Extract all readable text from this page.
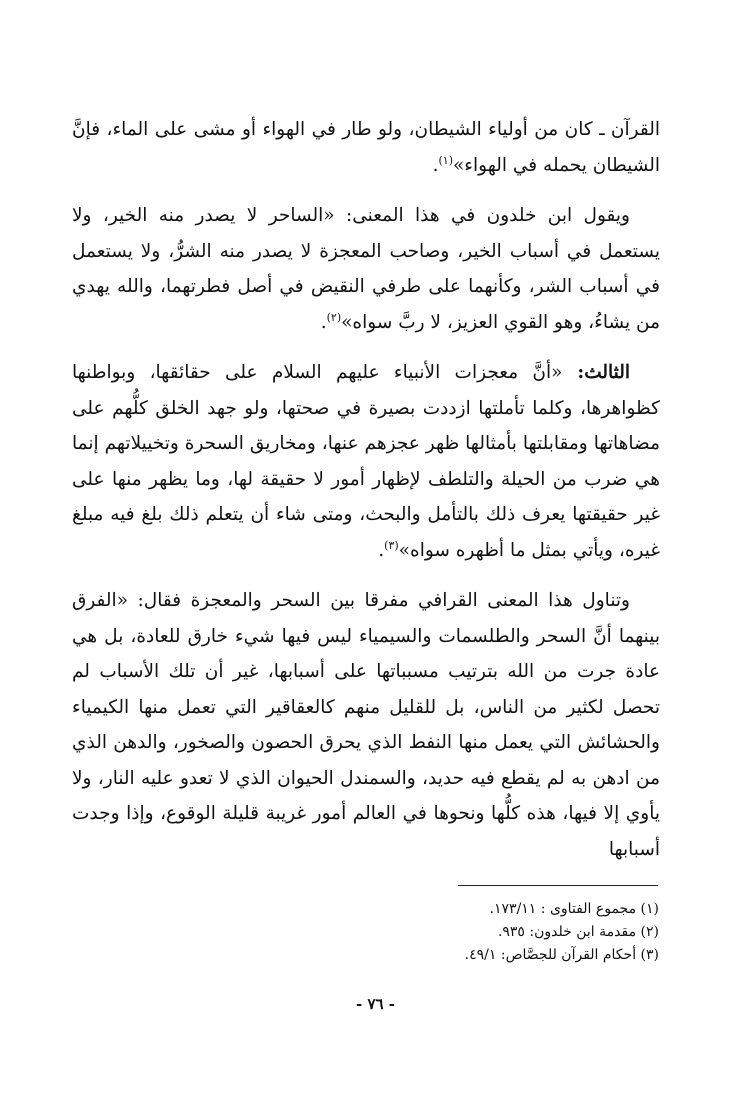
القرآن ـ كان من أولياء الشيطان، ولو طار في الهواء أو مشى على الماء، فإنَّ الشيطان يحمله في الهواء»$^{(١)}$.

ويقول ابن خلدون في هذا المعنى: «الساحر لا يصدر منه الخير، ولا يستعمل في أسباب الخير، وصاحب المعجزة لا يصدر منه الشرُّ، ولا يستعمل في أسباب الشر، وكأنهما على طرفي النقيض في أصل فطرتهما، والله يهدي من يشاءُ، وهو القوي العزيز، لا ربَّ سواه»$^{(٢)}$.

الثالث: «أنَّ معجزات الأنبياء عليهم السلام على حقائقها، وبواطنها كظواهرها، وكلما تأملتها ازددت بصيرة في صحتها، ولو جهد الخلق كلُّهم على مضاهاتها ومقابلتها بأمثالها ظهر عجزهم عنها، ومخاريق السحرة وتخييلاتهم إنما هي ضرب من الحيلة والتلطف لإظهار أمور لا حقيقة لها، وما يظهر منها على غير حقيقتها يعرف ذلك بالتأمل والبحث، ومتى شاء أن يتعلم ذلك بلغ فيه مبلغ غيره، ويأتي بمثل ما أظهره سواه»$^{(٣)}$.

وتناول هذا المعنى القرافي مفرقا بين السحر والمعجزة فقال: «الفرق بينهما أنَّ السحر والطلسمات والسيمياء ليس فيها شيء خارق للعادة، بل هي عادة جرت من الله بترتيب مسبباتها على أسبابها، غير أن تلك الأسباب لم تحصل لكثير من الناس، بل للقليل منهم كالعقاقير التي تعمل منها الكيمياء والحشائش التي يعمل منها النفط الذي يحرق الحصون والصخور، والدهن الذي من ادهن به لم يقطع فيه حديد، والسمندل الحيوان الذي لا تعدو عليه النار، ولا يأوي إلا فيها، هذه كلُّها ونحوها في العالم أمور غريبة قليلة الوقوع، وإذا وجدت أسبابها

(١) مجموع الفتاوى : ١٧٣/١١.
(٢) مقدمة ابن خلدون: ٩٣٥.
(٣) أحكام القرآن للجصَّاص: ٤٩/١.
- ٧٦ -
